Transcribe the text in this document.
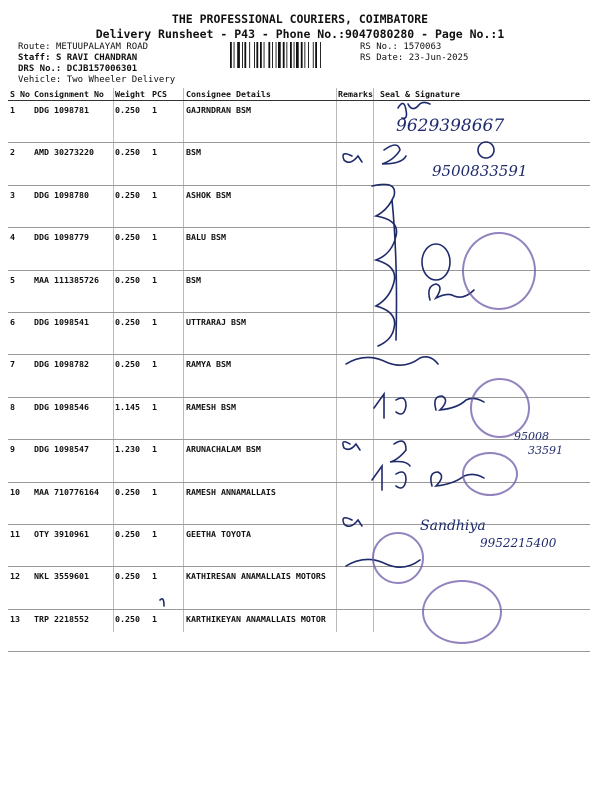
THE PROFESSIONAL COURIERS, COIMBATORE
Delivery Runsheet - P43 - Phone No.:9047080280 - Page No.:1
Route: METUUPALAYAM ROAD
Staff: S RAVI CHANDRAN
DRS No.: DCJB157006301
Vehicle: Two Wheeler Delivery
RS No.: 1570063
RS Date: 23-Jun-2025
S No	Consignment No	Weight	PCS	Consignee Details	Remarks	Seal & Signature
1	DDG 1098781	0.250	1	GAJRNDRAN BSM		
2	AMD 30273220	0.250	1	BSM		
3	DDG 1098780	0.250	1	ASHOK BSM		
4	DDG 1098779	0.250	1	BALU BSM		
5	MAA 111385726	0.250	1	BSM		
6	DDG 1098541	0.250	1	UTTRARAJ BSM		
7	DDG 1098782	0.250	1	RAMYA BSM		
8	DDG 1098546	1.145	1	RAMESH BSM		
9	DDG 1098547	1.230	1	ARUNACHALAM BSM		
10	MAA 710776164	0.250	1	RAMESH ANNAMALLAIS		
11	OTY 3910961	0.250	1	GEETHA TOYOTA		
12	NKL 3559601	0.250	1	KATHIRESAN ANAMALLAIS MOTORS		
13	TRP 2218552	0.250	1	KARTHIKEYAN ANAMALLAIS MOTOR		
9629398667
9500833591
95008
33591
Sandhiya
9952215400
